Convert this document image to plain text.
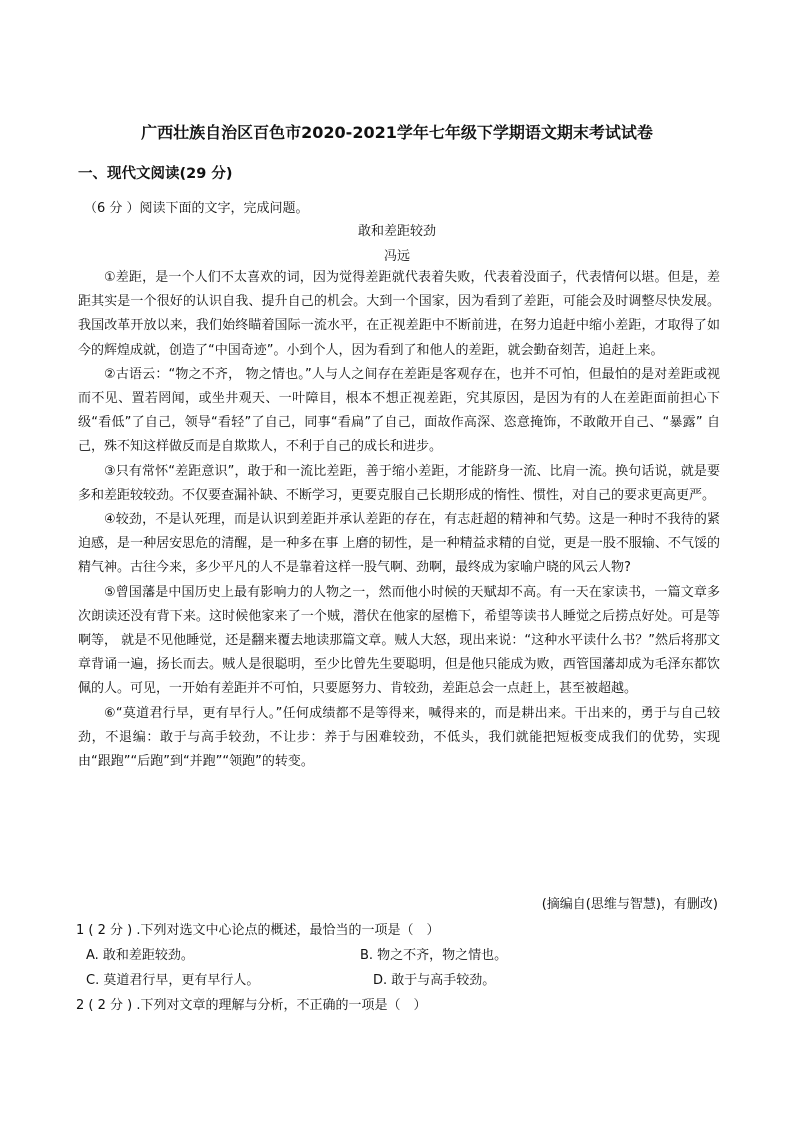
广西壮族自治区百色市2020-2021学年七年级下学期语文期末考试试卷
一、现代文阅读(29 分)
（6 分 ）阅读下面的文字，完成问题。
敢和差距较劲
冯远

①差距，是一个人们不太喜欢的词，因为觉得差距就代表着失败，代表着没面子，代表情何以堪。但是，差距其实是一个很好的认识自我、提升自己的机会。大到一个国家，因为看到了差距，可能会及时调整尽快发展。我国改革开放以来，我们始终瞄着国际一流水平，在正视差距中不断前进，在努力追赶中缩小差距，才取得了如今的辉煌成就，创造了“中国奇迹”。小到个人，因为看到了和他人的差距，就会勤奋刻苦，追赶上来。

②古语云：“物之不齐， 物之情也。”人与人之间存在差距是客观存在，也并不可怕，但最怕的是对差距或视而不见、置若罔闻，或坐井观天、一叶障目，根本不想正视差距，究其原因，是因为有的人在差距面前担心下级“看低”了自己，领导“看轻”了自己，同事“看扁”了自己，面故作高深、恣意掩饰，不敢敞开自己、“暴露” 自己，殊不知这样做反而是自欺欺人，不利于自己的成长和进步。

③只有常怀“差距意识”，敢于和一流比差距，善于缩小差距，才能跻身一流、比肩一流。换句话说，就是要多和差距较较劲。不仅要查漏补缺、不断学习，更要克服自己长期形成的惰性、惯性，对自己的要求更高更严。

④较劲，不是认死理，而是认识到差距并承认差距的存在，有志赶超的精神和气势。这是一种时不我待的紧迫感，是一种居安思危的清醒，是一种多在事 上磨的韧性，是一种精益求精的自觉，更是一股不服输、不气馁的精气神。古往今来，多少平凡的人不是靠着这样一股气啊、劲啊，最终成为家喻户晓的风云人物?

⑤曾国藩是中国历史上最有影响力的人物之一，然而他小时候的天赋却不高。有一天在家读书，一篇文章多次朗读还没有背下来。这时候他家来了一个贼，潜伏在他家的屋檐下，希望等读书人睡觉之后捞点好处。可是等啊等， 就是不见他睡觉，还是翻来覆去地读那篇文章。贼人大怒，现出来说：“这种水平读什么书？”然后将那文章背诵一遍，扬长而去。贼人是很聪明，至少比曾先生要聪明，但是他只能成为败，西管国藩却成为毛泽东都饮佩的人。可见，一开始有差距并不可怕，只要愿努力、肯较劲，差距总会一点赶上，甚至被超越。

⑥“莫道君行早，更有早行人。”任何成绩都不是等得来，喊得来的，而是耕出来。干出来的，勇于与自己较劲，不退编：敢于与高手较劲，不让步：养于与困难较劲，不低头，我们就能把短板变成我们的优势，实现由“跟跑”“后跑”到“并跑”“领跑”的转变。

(摘编自(思维与智慧)，有删改)
1 ( 2 分 ) .下列对选文中心论点的概述，最恰当的一项是（　）
A. 敢和差距较劲。	B. 物之不齐，物之情也。
C. 莫道君行早，更有早行人。	D. 敢于与高手较劲。
2 ( 2 分 ) .下列对文章的理解与分析，不正确的一项是（　）
